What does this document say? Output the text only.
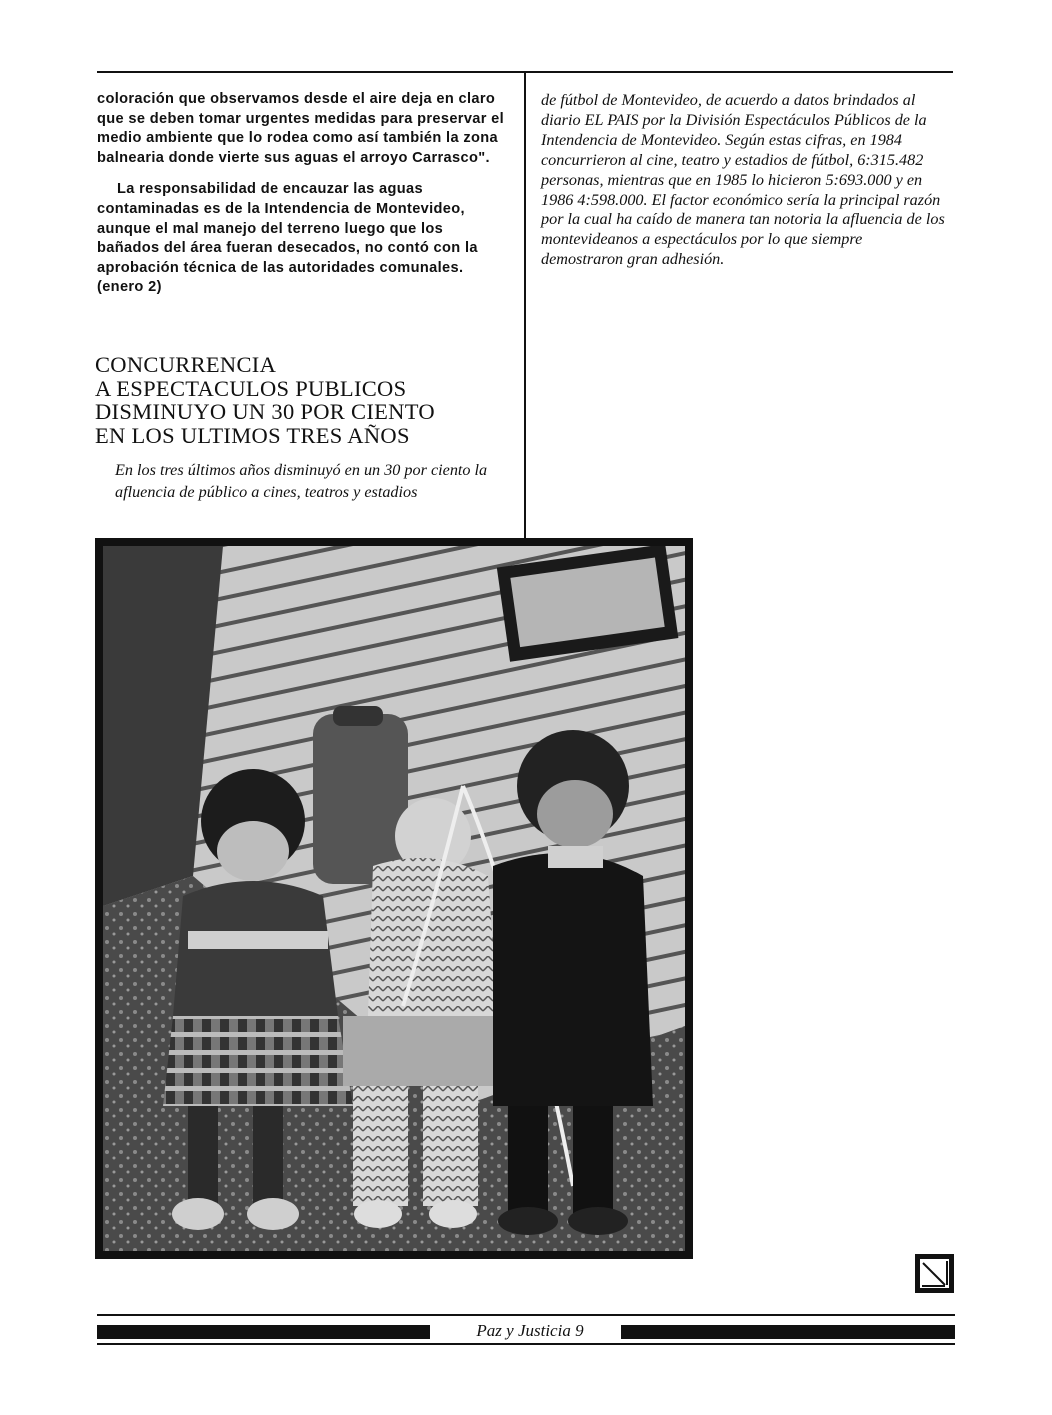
coloración que observamos desde el aire deja en claro que se deben tomar urgentes medidas para preservar el medio ambiente que lo rodea como así también la zona balnearia donde vierte sus aguas el arroyo Carrasco".

La responsabilidad de encauzar las aguas contaminadas es de la Intendencia de Montevideo, aunque el mal manejo del terreno luego que los bañados del área fueran desecados, no contó con la aprobación técnica de las autoridades comunales. (enero 2)

de fútbol de Montevideo, de acuerdo a datos brindados al diario EL PAIS por la División Espectáculos Públicos de la Intendencia de Montevideo. Según estas cifras, en 1984 concurrieron al cine, teatro y estadios de fútbol, 6:315.482 personas, mientras que en 1985 lo hicieron 5:693.000 y en 1986 4:598.000. El factor económico sería la principal razón por la cual ha caído de manera tan notoria la afluencia de los montevideanos a espectáculos por lo que siempre demostraron gran adhesión.

CONCURRENCIA
A ESPECTACULOS PUBLICOS
DISMINUYO UN 30 POR CIENTO
EN LOS ULTIMOS TRES AÑOS

En los tres últimos años disminuyó en un 30 por ciento la afluencia de público a cines, teatros y estadios

Paz y Justicia 9
